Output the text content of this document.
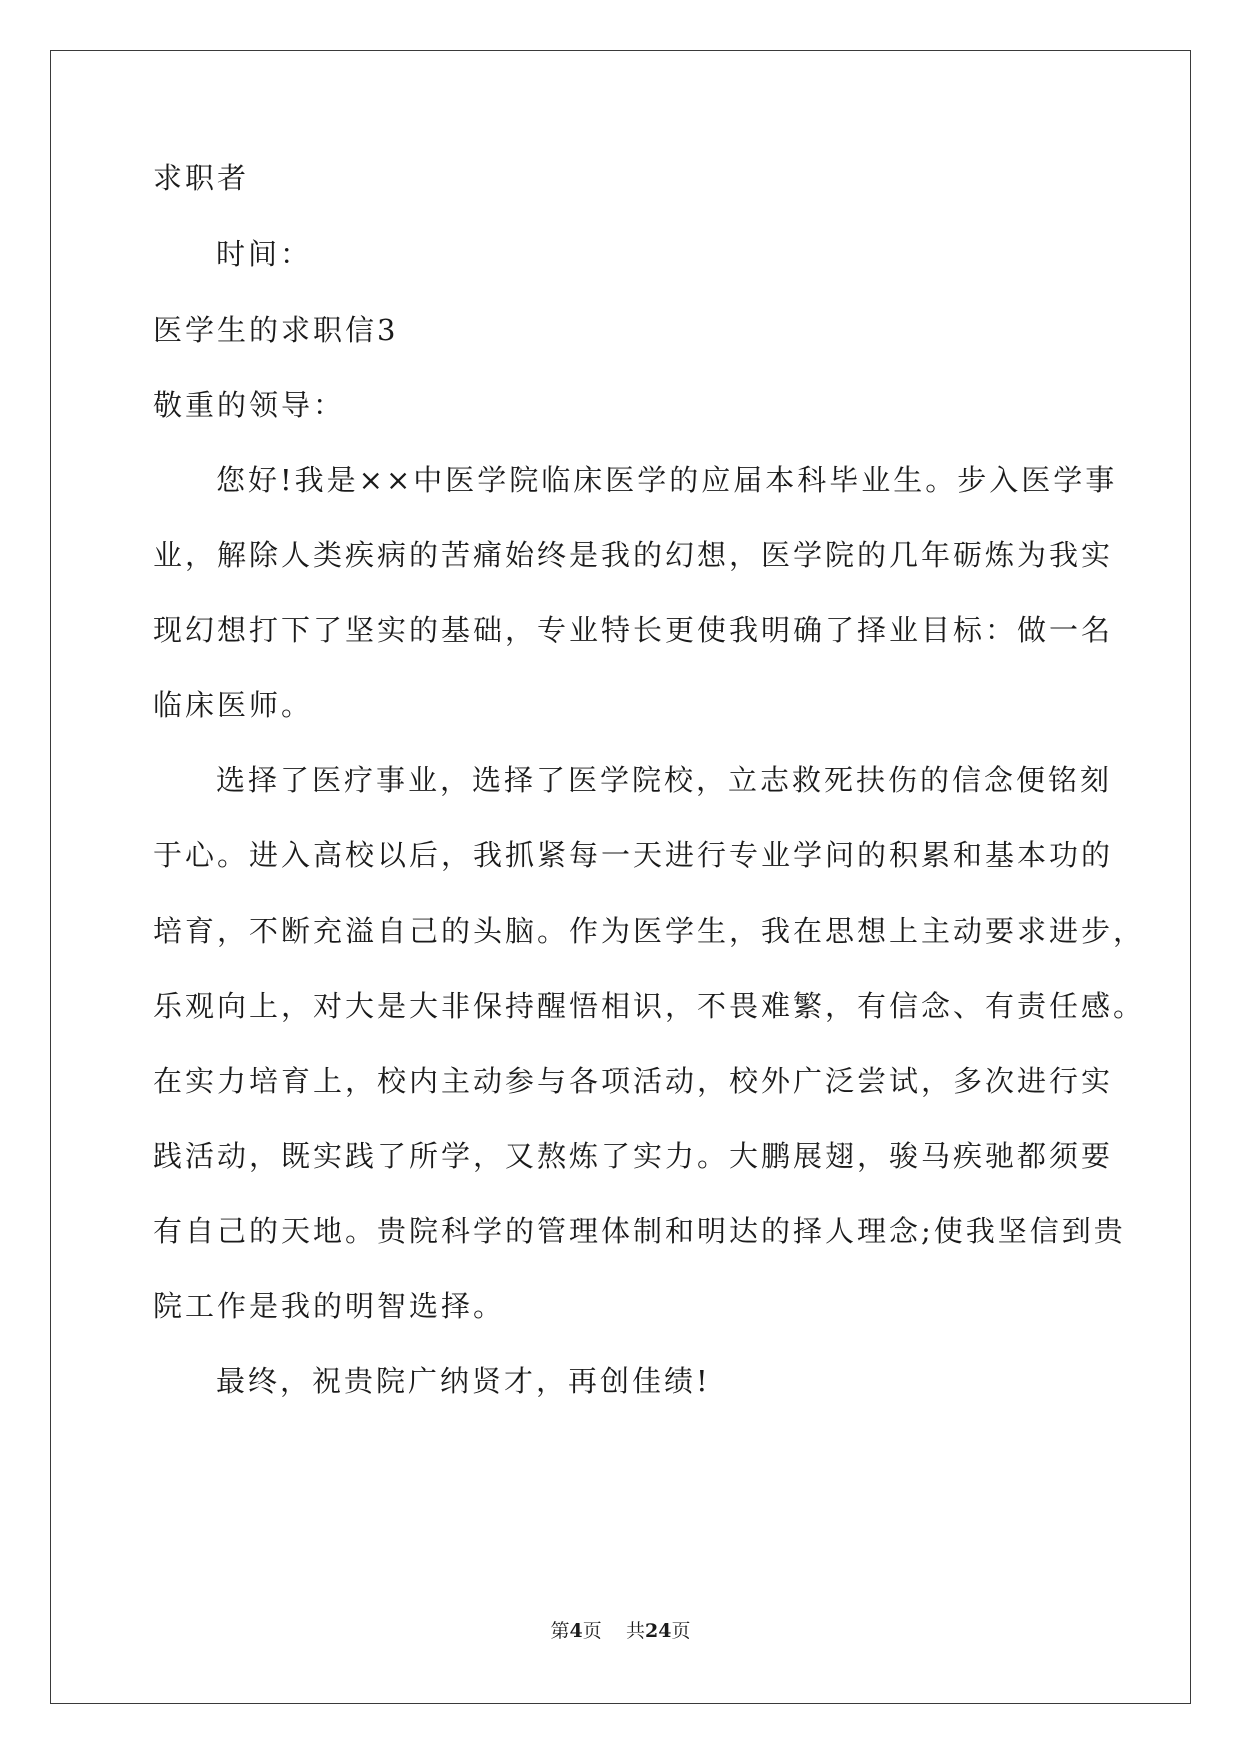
求职者
时间：
医学生的求职信3
敬重的领导：
您好!我是××中医学院临床医学的应届本科毕业生。步入医学事
业，解除人类疾病的苦痛始终是我的幻想，医学院的几年砺炼为我实
现幻想打下了坚实的基础，专业特长更使我明确了择业目标：做一名
临床医师。
选择了医疗事业，选择了医学院校，立志救死扶伤的信念便铭刻
于心。进入高校以后，我抓紧每一天进行专业学问的积累和基本功的
培育，不断充溢自己的头脑。作为医学生，我在思想上主动要求进步，
乐观向上，对大是大非保持醒悟相识，不畏难繁，有信念、有责任感。
在实力培育上，校内主动参与各项活动，校外广泛尝试，多次进行实
践活动，既实践了所学，又熬炼了实力。大鹏展翅，骏马疾驰都须要
有自己的天地。贵院科学的管理体制和明达的择人理念;使我坚信到贵
院工作是我的明智选择。
最终，祝贵院广纳贤才，再创佳绩!
第4页 共24页
